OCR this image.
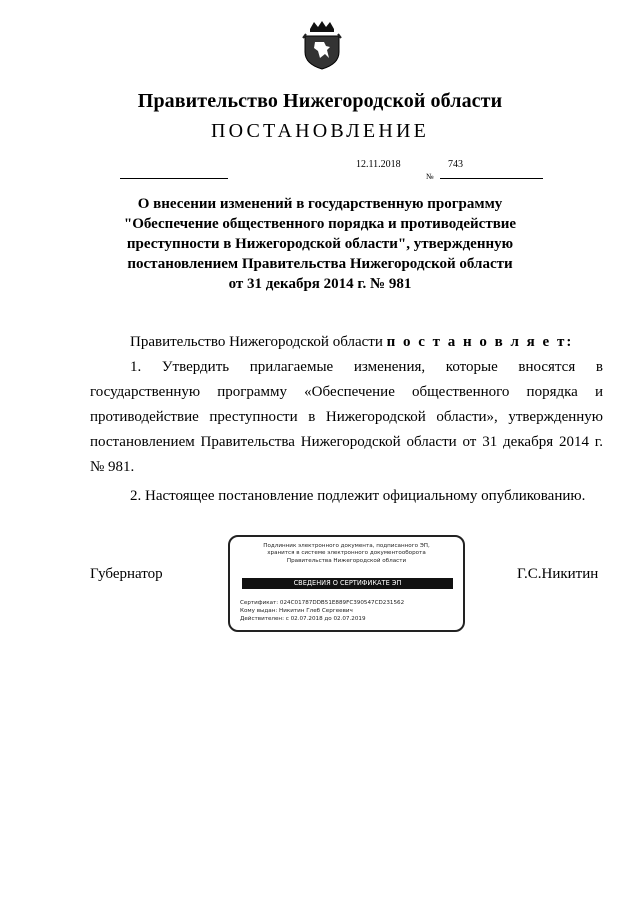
Правительство Нижегородской области
ПОСТАНОВЛЕНИЕ
12.11.2018
№
743
О внесении изменений в государственную программу
"Обеспечение общественного порядка и противодействие
преступности в Нижегородской области", утвержденную
постановлением Правительства Нижегородской области
от 31 декабря 2014 г. № 981
Правительство Нижегородской области п о с т а н о в л я е т:
1. Утвердить прилагаемые изменения, которые вносятся в государственную программу «Обеспечение общественного порядка и противодействие преступности в Нижегородской области», утвержденную постановлением Правительства Нижегородской области от 31 декабря 2014 г. № 981.
2. Настоящее постановление подлежит официальному опубликованию.
Губернатор	Г.С.Никитин
Подлинник электронного документа, подписанного ЭП,
хранится в системе электронного документооборота
Правительства Нижегородской области
СВЕДЕНИЯ О СЕРТИФИКАТЕ ЭП
Сертификат: 024C01787DDB51E889FC390547CD231562
Кому выдан: Никитин Глеб Сергеевич
Действителен: с 02.07.2018 до 02.07.2019
